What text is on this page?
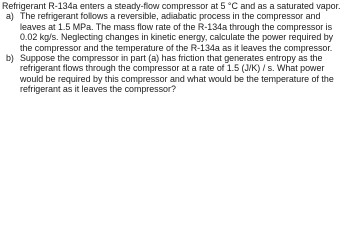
Refrigerant R-134a enters a steady-flow compressor at 5 °C and as a saturated vapor.

a) The refrigerant follows a reversible, adiabatic process in the compressor and
leaves at 1.5 MPa. The mass flow rate of the R-134a through the compressor is
0.02 kg/s. Neglecting changes in kinetic energy, calculate the power required by
the compressor and the temperature of the R-134a as it leaves the compressor.
b) Suppose the compressor in part (a) has friction that generates entropy as the
refrigerant flows through the compressor at a rate of 1.5 (J/K) / s. What power
would be required by this compressor and what would be the temperature of the
refrigerant as it leaves the compressor?
